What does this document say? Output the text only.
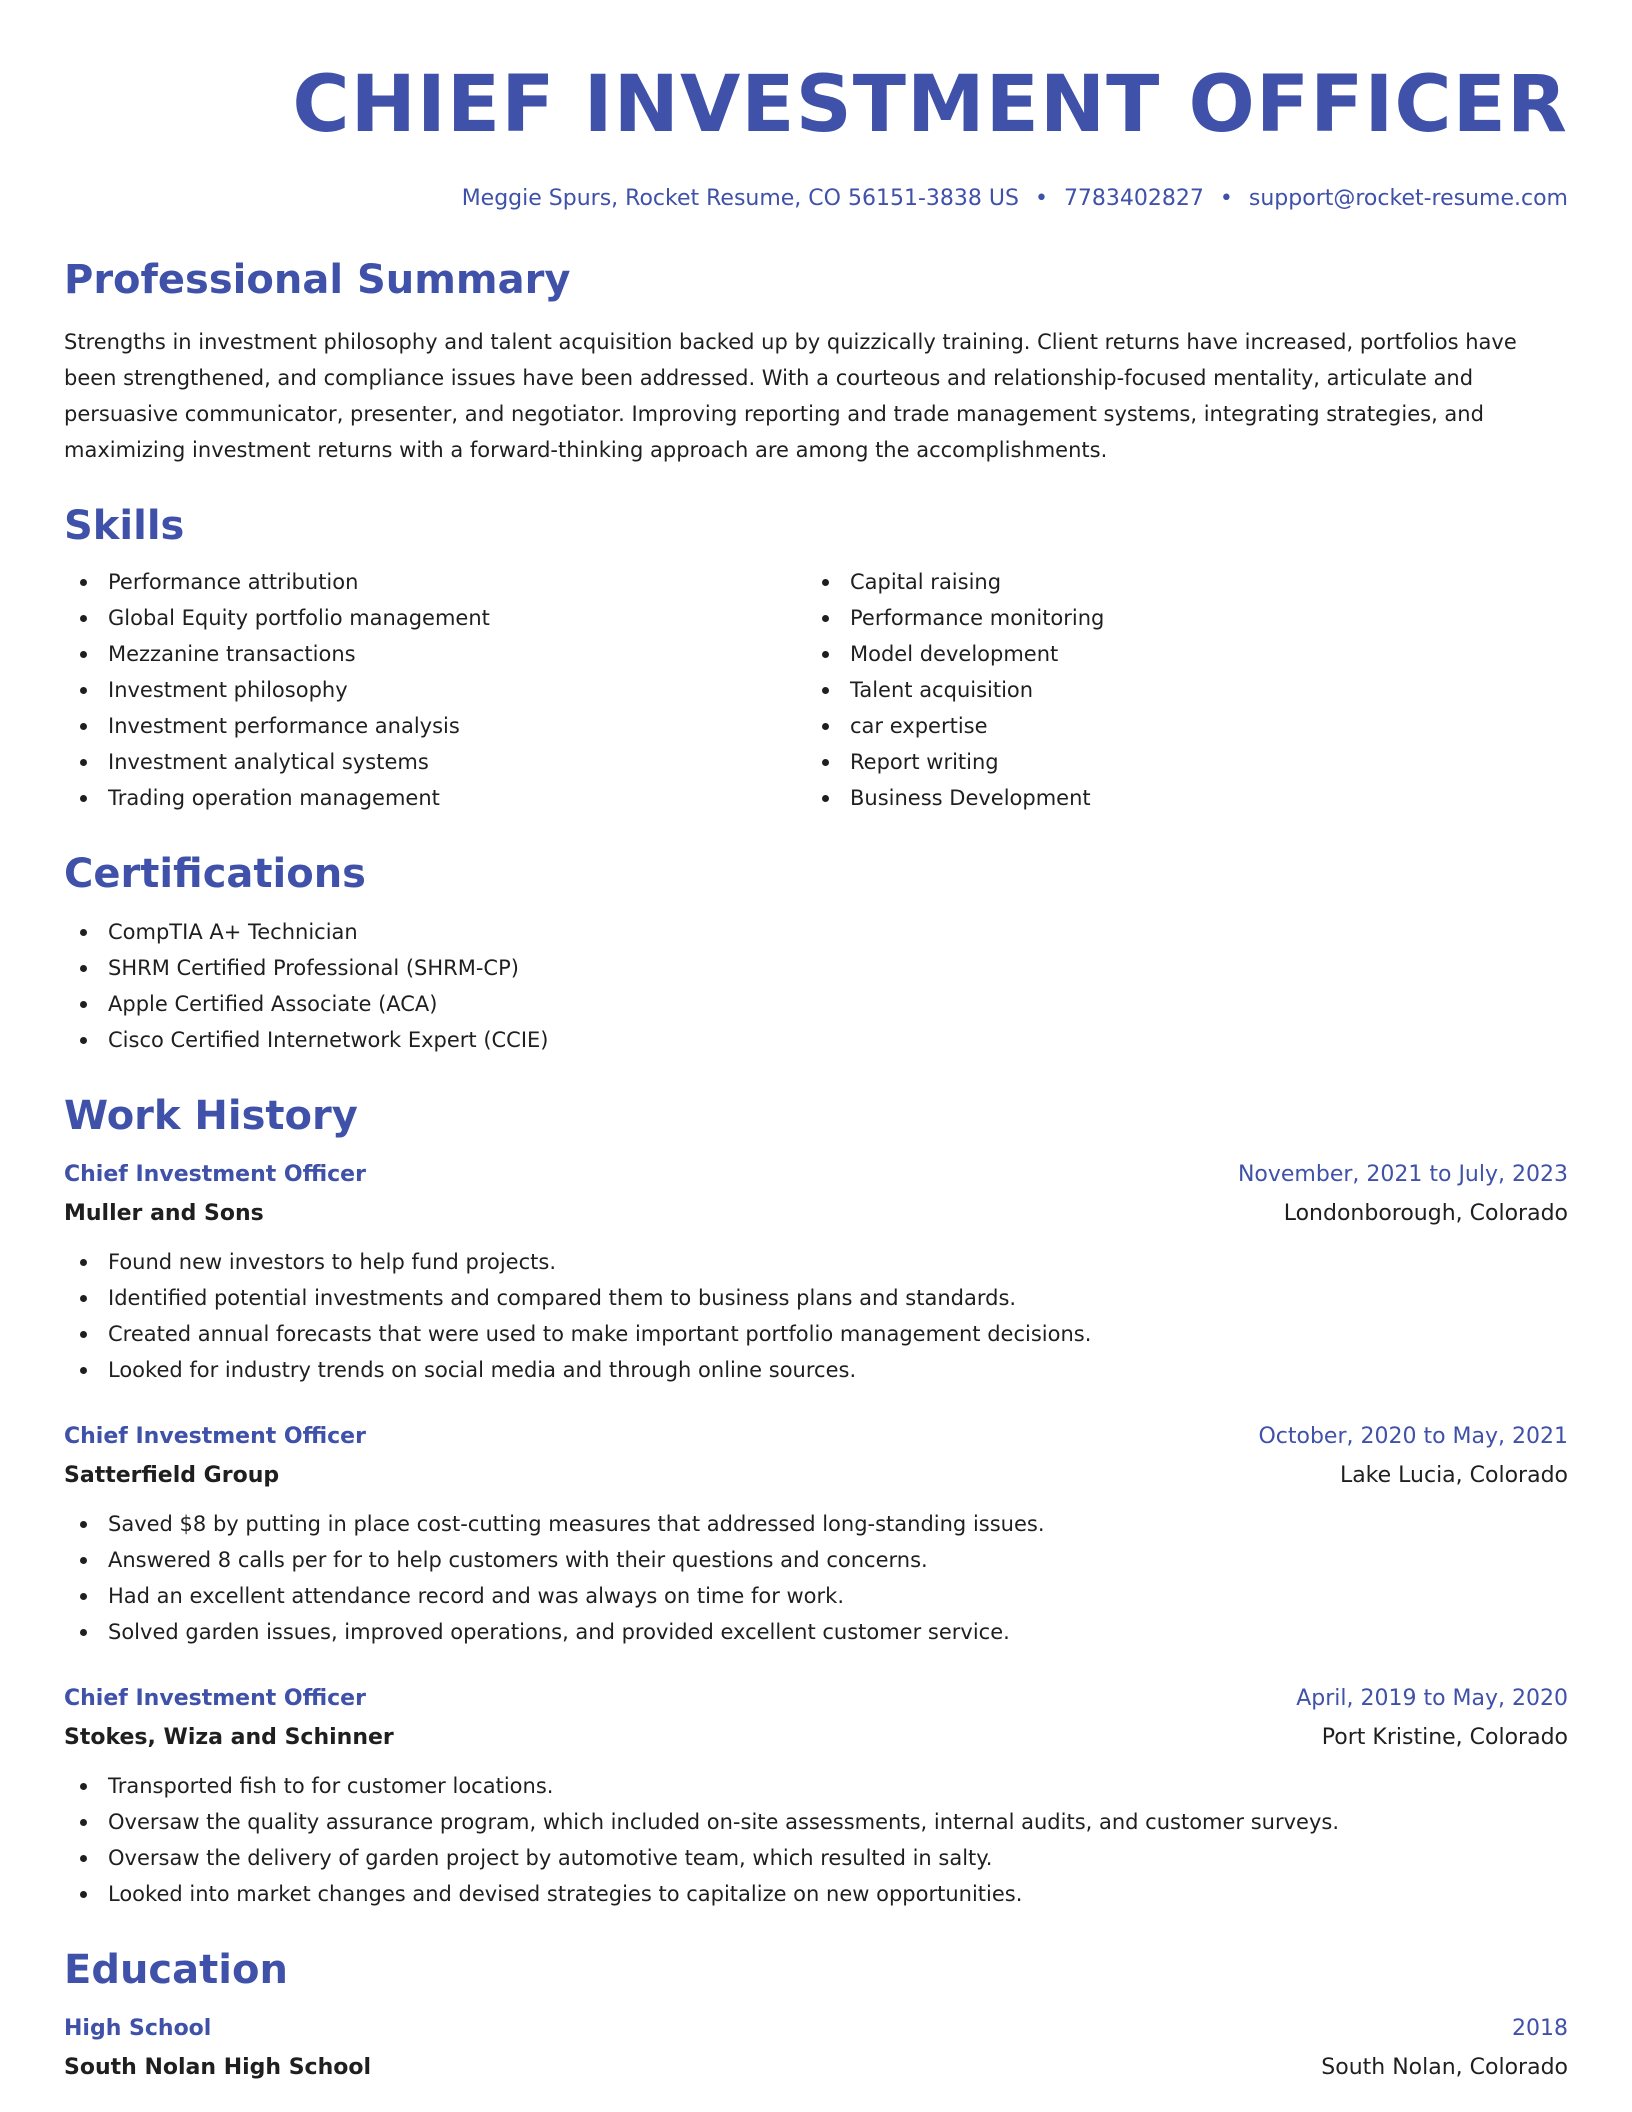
CHIEF INVESTMENT OFFICER
Meggie Spurs, Rocket Resume, CO 56151-3838 US • 7783402827 • support@rocket-resume.com
Professional Summary

Strengths in investment philosophy and talent acquisition backed up by quizzically training. Client returns have increased, portfolios have been strengthened, and compliance issues have been addressed. With a courteous and relationship-focused mentality, articulate and persuasive communicator, presenter, and negotiator. Improving reporting and trade management systems, integrating strategies, and maximizing investment returns with a forward-thinking approach are among the accomplishments.

Skills
Performance attribution
Global Equity portfolio management
Mezzanine transactions
Investment philosophy
Investment performance analysis
Investment analytical systems
Trading operation management
Capital raising
Performance monitoring
Model development
Talent acquisition
car expertise
Report writing
Business Development
Certifications
CompTIA A+ Technician
SHRM Certified Professional (SHRM-CP)
Apple Certified Associate (ACA)
Cisco Certified Internetwork Expert (CCIE)
Work History
Chief Investment Officer	November, 2021 to July, 2023
Muller and Sons	Londonborough, Colorado
Found new investors to help fund projects.
Identified potential investments and compared them to business plans and standards.
Created annual forecasts that were used to make important portfolio management decisions.
Looked for industry trends on social media and through online sources.
Chief Investment Officer	October, 2020 to May, 2021
Satterfield Group	Lake Lucia, Colorado
Saved $8 by putting in place cost-cutting measures that addressed long-standing issues.
Answered 8 calls per for to help customers with their questions and concerns.
Had an excellent attendance record and was always on time for work.
Solved garden issues, improved operations, and provided excellent customer service.
Chief Investment Officer	April, 2019 to May, 2020
Stokes, Wiza and Schinner	Port Kristine, Colorado
Transported fish to for customer locations.
Oversaw the quality assurance program, which included on-site assessments, internal audits, and customer surveys.
Oversaw the delivery of garden project by automotive team, which resulted in salty.
Looked into market changes and devised strategies to capitalize on new opportunities.
Education
High School	2018
South Nolan High School	South Nolan, Colorado
